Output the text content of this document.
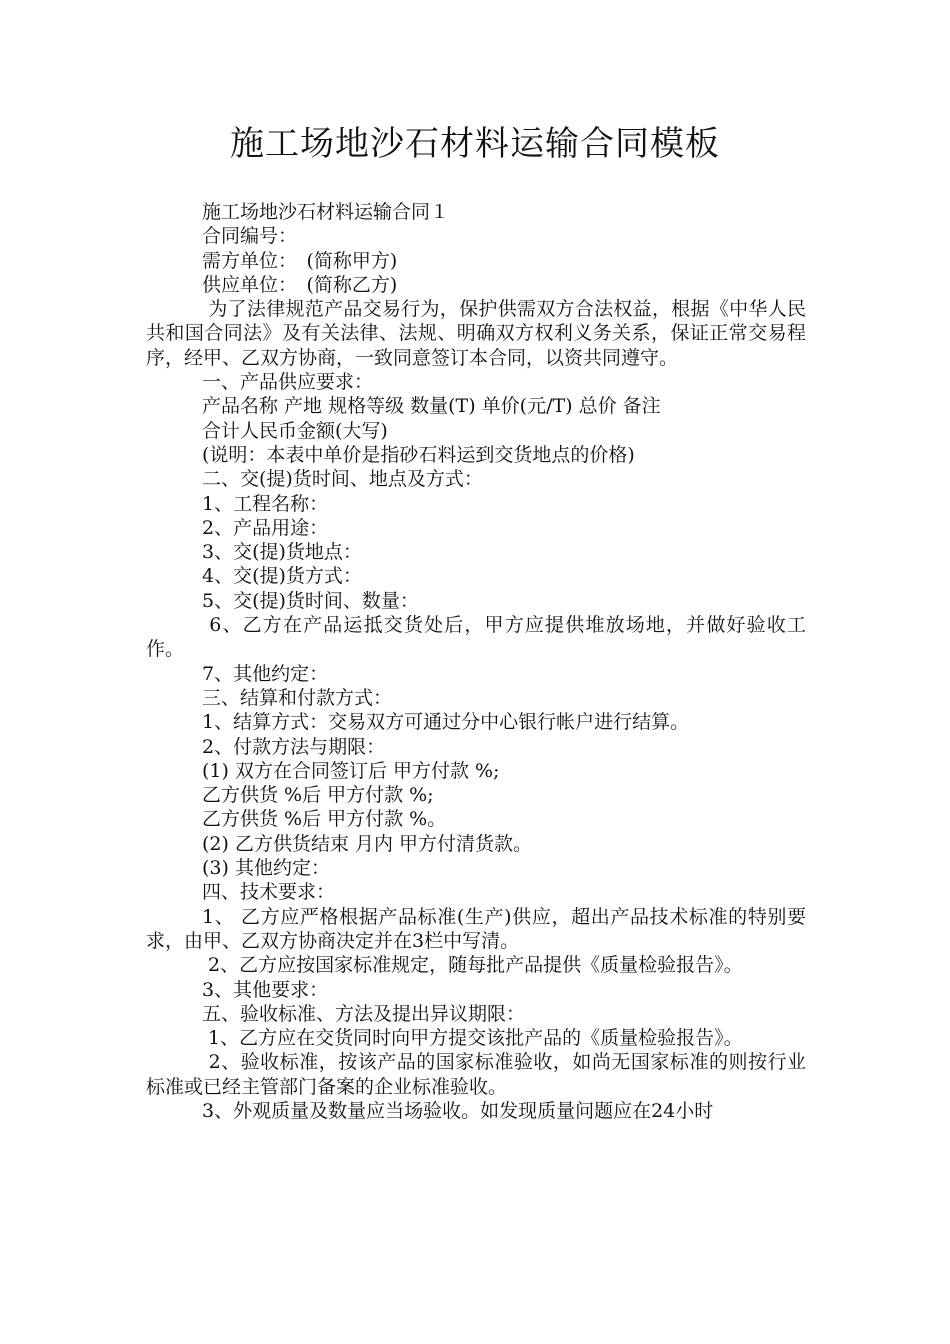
施工场地沙石材料运输合同模板

施工场地沙石材料运输合同１

合同编号：

需方单位：　(简称甲方)

供应单位：　(简称乙方)

为了法律规范产品交易行为，保护供需双方合法权益，根据《中华人民共和国合同法》及有关法律、法规、明确双方权利义务关系，保证正常交易程序，经甲、乙双方协商，一致同意签订本合同，以资共同遵守。

一、产品供应要求：

产品名称 产地 规格等级 数量(T) 单价(元/T) 总价 备注

合计人民币金额(大写)

(说明：本表中单价是指砂石料运到交货地点的价格)

二、交(提)货时间、地点及方式：

1、工程名称：

2、产品用途：

3、交(提)货地点：

4、交(提)货方式：

5、交(提)货时间、数量：

6、乙方在产品运抵交货处后，甲方应提供堆放场地，并做好验收工作。

7、其他约定：

三、结算和付款方式：

1、结算方式：交易双方可通过分中心银行帐户进行结算。

2、付款方法与期限：

(1) 双方在合同签订后 甲方付款 %;

乙方供货 %后 甲方付款 %;

乙方供货 %后 甲方付款 %。

(2) 乙方供货结束 月内 甲方付清货款。

(3) 其他约定：

四、技术要求：

1、 乙方应严格根据产品标准(生产)供应，超出产品技术标准的特别要求，由甲、乙双方协商决定并在3栏中写清。

2、乙方应按国家标准规定，随每批产品提供《质量检验报告》。

3、其他要求：

五、验收标准、方法及提出异议期限：

1、乙方应在交货同时向甲方提交该批产品的《质量检验报告》。

2、验收标准，按该产品的国家标准验收，如尚无国家标准的则按行业标准或已经主管部门备案的企业标准验收。

3、外观质量及数量应当场验收。如发现质量问题应在24小时
